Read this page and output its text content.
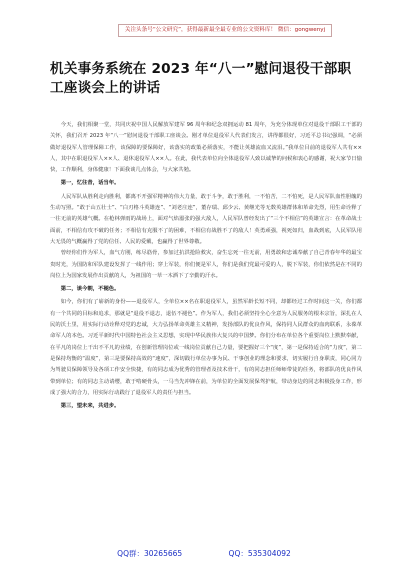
关注头条号“公文研究”，获得最新最全最专业的公文资料库！ 微信：gongwenyj
机关事务系统在 2023 年“八一”慰问退役干部职工座谈会上的讲话

今天，我们相聚一堂，共同庆祝中国人民解放军建军 96 周年和纪念双拥运动 81 周年，为充分体现单位对退役干部职工干部的关怀，我们召开 2023 年“八一”慰问退役干部职工座谈会。刚才单位退役军人代表们发言，讲得都很好，习近平总书记强调，“必须做好退役军人管理保障工作，该保障的要保障好，该落实的政策必须落实，不能让英雄流血又流泪。”我单位目前的退役军人共有××人，其中在职退役军人××人、退休退役军人××人。在此，我代表单位向全体退役军人致以诚挚的问候和衷心的感谢，祝大家节日愉快，工作顺利，身体健康！下面我谈几点体会，与大家共勉。

第一，忆往昔，话当年。

人民军队从胜利走向胜利，都离不开强军精神的伟大力量，敢于斗争，敢于胜利，一不怕苦，二不怕死，是人民军队血性胆魄的生动写照。“敢于山五壮士”、“白刃格斗英雄连”、“刘老庄连”，董存瑞、邱少云、黄继光等无数英雄群体和革命先烈，用生命诠释了一往无前的英雄气概。在枪林弹雨的战场上，面对气焰嚣张的强大敌人，人民军队曾经发出了“三个不相信”的英雄宣言：在革命战士面前，不相信有攻不破的任务；不相信有克服不了的困难，不相信有战胜不了的敌人！英勇顽强，视死如归，血战到底，人民军队用大无畏的气概赢得了党的信任、人民的爱戴，也赢得了世界尊敬。

曾经你们作为军人，血气方刚，练尽筋骨，参加过抗洪抢险救灾，奋生忘死一往无前，用勇敢和忠诚奉献了自己青春年华的最宝贵时光，为国防和军队建设发挥了一线作用；穿上军装，你们便是军人，你们是我们党最可爱的人，脱下军装，你们依然是在不同的岗位上为国家发展作出贡献的人，为祖国的一草一木洒下了辛勤的汗水。

第二，谈今朝，不褪色。

如今，你们有了崭新的身份——退役军人，全单位××名在职退役军人，虽然军龄长短不同，却都经过工作时间这一关，你们都有一个共同的目标和追求，那就是“退役不退志，退伍不褪色”。作为军人，我们必须坚持全心全意为人民服务的根本宗旨，深扎在人民的沃土里，用实际行动诠释对党的忠诚，大力弘扬革命英雄主义精神，发扬部队的优良作风，保持同人民群众的血肉联系，永葆革命军人的本色。习近平新时代中国特色社会主义思想，实现中华民族伟大复兴的中国梦。你们分布在单位各个重要岗位上默默奉献，在平凡的岗位上干出不平凡的业绩，在创新管理岗位或一线岗位贡献自己力量，要把握好三个“度”，第一是保持适合的“力度”，第二是保持均衡的“温度”，第三是要保持高效的“速度”，深切践行单位办事为民、干事创业的理念和要求，切实履行自身职责，同心同力为驾驶员保障领导及各项工作安全快捷，有的同志成为优秀的管理者及技术骨干，有的同志担任师师带徒的任务，将部队的优良作风带到单位；有的同志主动请缨，敢于啃硬骨头，一马当先冲锋在前，为单位的全面发展保驾护航，带动身边的同志积极投身工作，形成了强大的合力，用实际行动践行了退役军人的责任与担当。

第三，望未来，共进步。

QQ群：30265665	QQ：535304092
